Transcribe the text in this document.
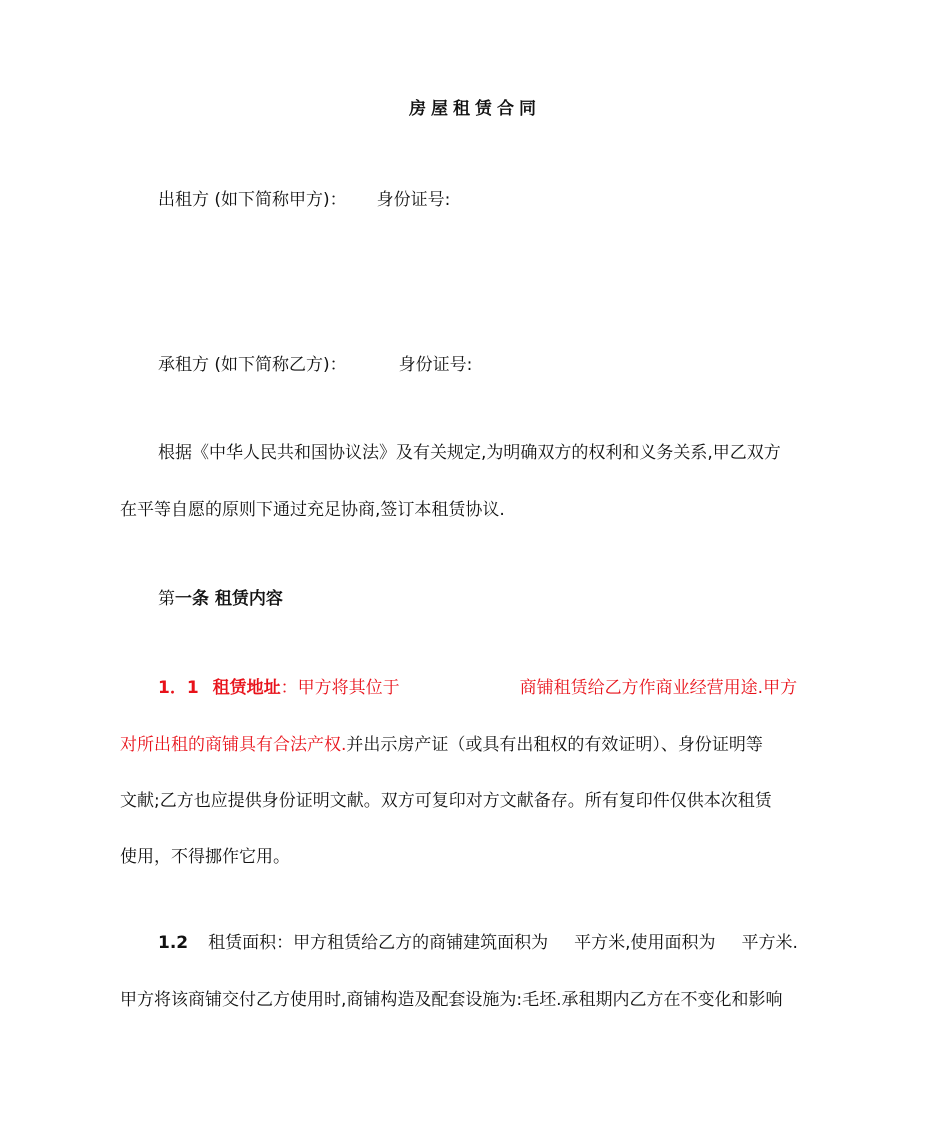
房屋租赁合同
出租方 (如下简称甲方)： 身份证号:
承租方 (如下简称乙方)：	身份证号:
根据《中华人民共和国协议法》及有关规定,为明确双方的权利和义务关系,甲乙双方
在平等自愿的原则下通过充足协商,签订本租赁协议.
第一条 租赁内容
1．1 租赁地址：甲方将其位于	商铺租赁给乙方作商业经营用途.甲方
对所出租的商铺具有合法产权.并出示房产证（或具有出租权的有效证明）、身份证明等
文献;乙方也应提供身份证明文献。双方可复印对方文献备存。所有复印件仅供本次租赁
使用，不得挪作它用。
1.2 租赁面积：甲方租赁给乙方的商铺建筑面积为 平方米,使用面积为 平方米.
甲方将该商铺交付乙方使用时,商铺构造及配套设施为:毛坯.承租期内乙方在不变化和影响
